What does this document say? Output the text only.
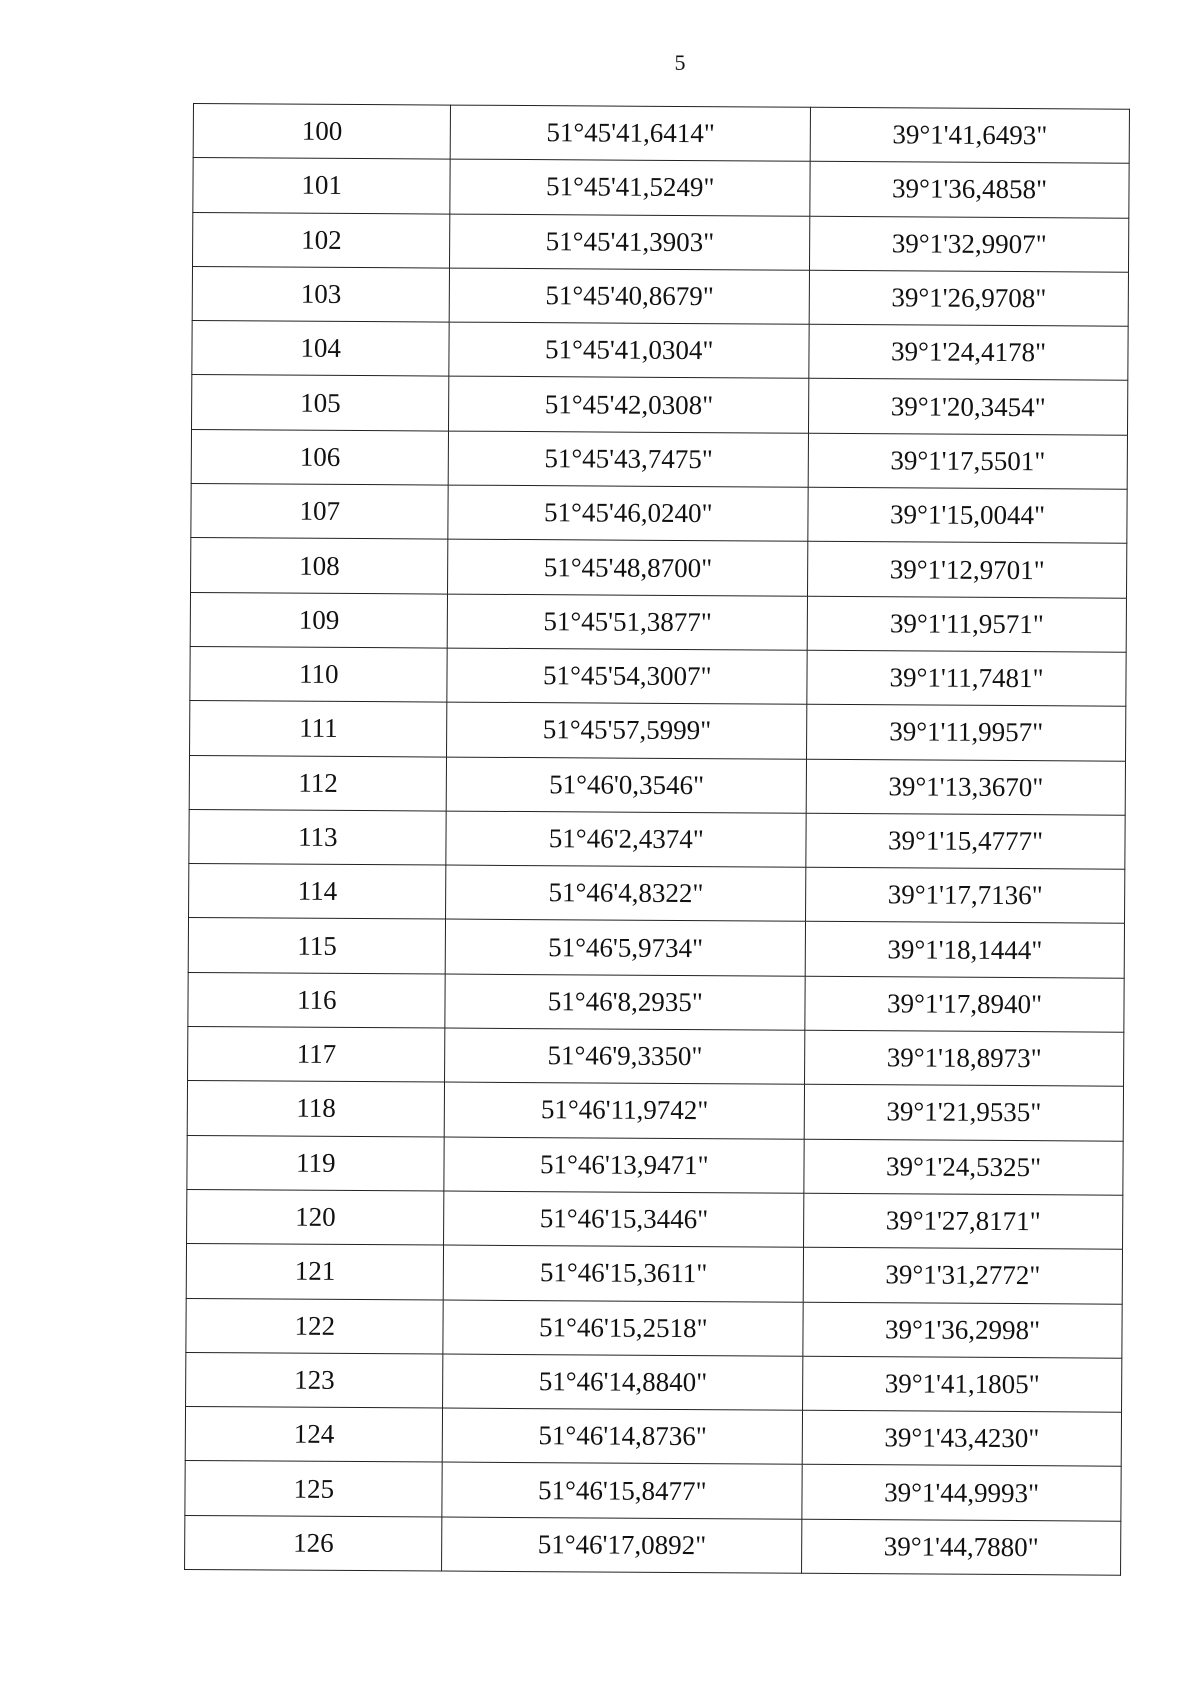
5
100	51°45'41,6414"	39°1'41,6493"
101	51°45'41,5249"	39°1'36,4858"
102	51°45'41,3903"	39°1'32,9907"
103	51°45'40,8679"	39°1'26,9708"
104	51°45'41,0304"	39°1'24,4178"
105	51°45'42,0308"	39°1'20,3454"
106	51°45'43,7475"	39°1'17,5501"
107	51°45'46,0240"	39°1'15,0044"
108	51°45'48,8700"	39°1'12,9701"
109	51°45'51,3877"	39°1'11,9571"
110	51°45'54,3007"	39°1'11,7481"
111	51°45'57,5999"	39°1'11,9957"
112	51°46'0,3546"	39°1'13,3670"
113	51°46'2,4374"	39°1'15,4777"
114	51°46'4,8322"	39°1'17,7136"
115	51°46'5,9734"	39°1'18,1444"
116	51°46'8,2935"	39°1'17,8940"
117	51°46'9,3350"	39°1'18,8973"
118	51°46'11,9742"	39°1'21,9535"
119	51°46'13,9471"	39°1'24,5325"
120	51°46'15,3446"	39°1'27,8171"
121	51°46'15,3611"	39°1'31,2772"
122	51°46'15,2518"	39°1'36,2998"
123	51°46'14,8840"	39°1'41,1805"
124	51°46'14,8736"	39°1'43,4230"
125	51°46'15,8477"	39°1'44,9993"
126	51°46'17,0892"	39°1'44,7880"
